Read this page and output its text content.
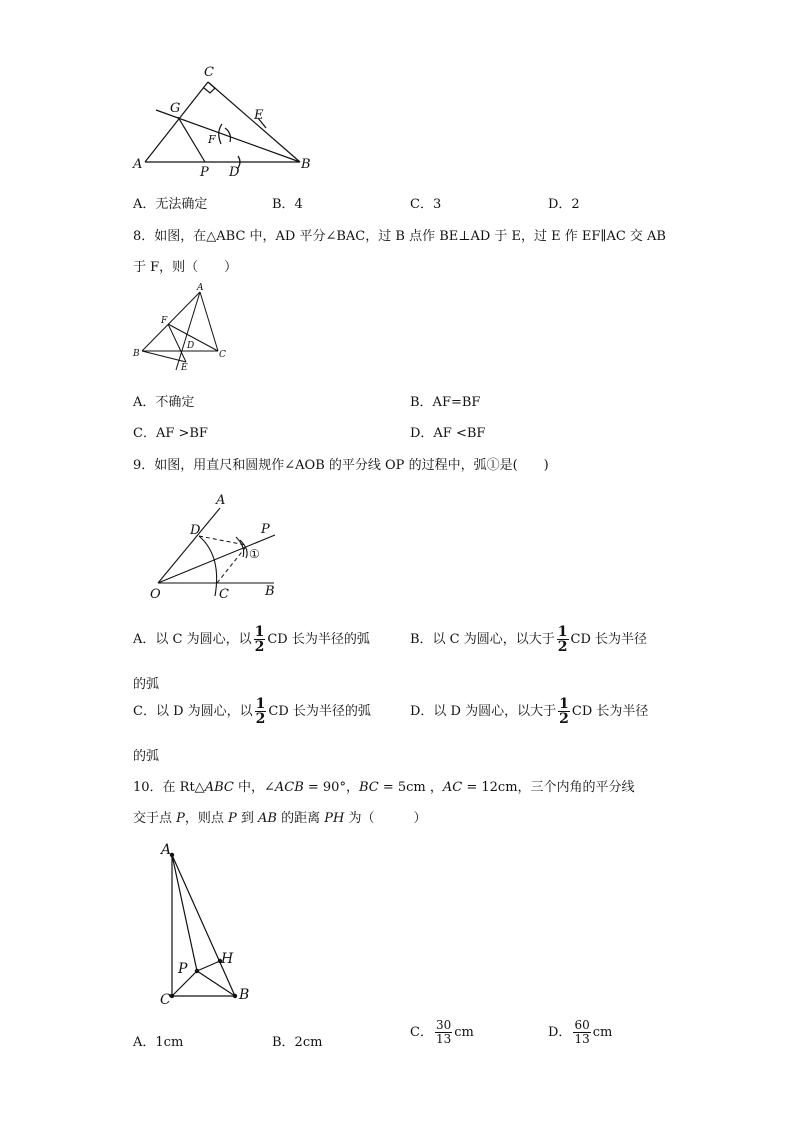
C
G	E
F
A
P D
B
A．无法确定	B．4	C．3	D．2
8．如图，在△ABC 中，AD 平分∠BAC，过 B 点作 BE⊥AD 于 E，过 E 作 EF∥AC 交 AB
于 F，则（　　）
A
F
D
B	C
E
A．不确定	B．AF=BF
C．AF >BF	D．AF <BF
9．如图，用直尺和圆规作∠AOB 的平分线 OP 的过程中，弧①是(　　)
A
D	P
①
O	C	B
A．以 C 为圆心，以 $\frac{1}{2}$ CD 长为半径的弧	B．以 C 为圆心，以大于 $\frac{1}{2}$ CD 长为半径
的弧
C．以 D 为圆心，以 $\frac{1}{2}$ CD 长为半径的弧	D．以 D 为圆心，以大于 $\frac{1}{2}$ CD 长为半径
的弧
10．在 Rt△ABC 中，∠ACB = 90°，BC = 5cm ，AC = 12cm，三个内角的平分线
交于点 P，则点 P 到 AB 的距离 PH 为（　　　）
A
P
H
C	B
A．1cm	B．2cm
C． $\frac{30}{13}$ cm	D． $\frac{60}{13}$ cm
